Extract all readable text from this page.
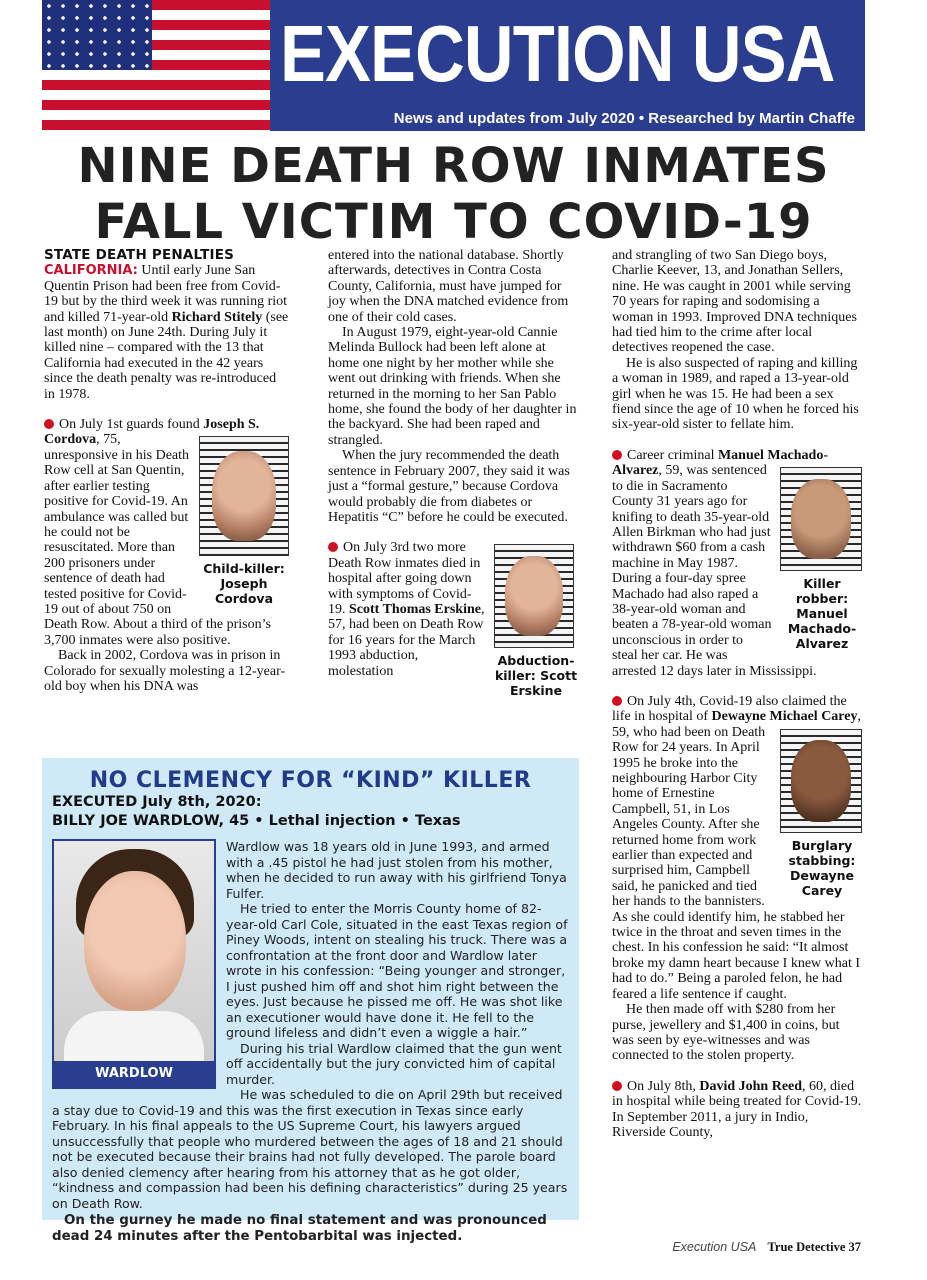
EXECUTION USA
News and updates from July 2020 • Researched by Martin Chaffe
NINE DEATH ROW INMATES
FALL VICTIM TO COVID-19
STATE DEATH PENALTIES

CALIFORNIA: Until early June San Quentin Prison had been free from Covid-19 but by the third week it was running riot and killed 71-year-old Richard Stitely (see last month) on June 24th. During July it killed nine – compared with the 13 that California had executed in the 42 years since the death penalty was re-introduced in 1978.

On July 1st guards found Joseph S. Cordova
Child-killer: Joseph Cordova
, 75, unresponsive in his Death Row cell at San Quentin, after earlier testing positive for Covid-19. An ambulance was called but he could not be resuscitated. More than 200 prisoners under sentence of death had tested positive for Covid-19 out of about 750 on Death Row. About a third of the prison’s 3,700 inmates were also positive.

Back in 2002, Cordova was in prison in Colorado for sexually molesting a 12-year-old boy when his DNA was

entered into the national database. Shortly afterwards, detectives in Contra Costa County, California, must have jumped for joy when the DNA matched evidence from one of their cold cases.

In August 1979, eight-year-old Cannie Melinda Bullock had been left alone at home one night by her mother while she went out drinking with friends. When she returned in the morning to her San Pablo home, she found the body of her daughter in the backyard. She had been raped and strangled.

When the jury recommended the death sentence in February 2007, they said it was just a “formal gesture,” because Cordova would probably die from diabetes or Hepatitis “C” before he could be executed.

Abduction-killer: Scott Erskine
On July 3rd two more Death Row inmates died in hospital after going down with symptoms of Covid-19. Scott Thomas Erskine, 57, had been on Death Row for 16 years for the March 1993 abduction, molestation

and strangling of two San Diego boys, Charlie Keever, 13, and Jonathan Sellers, nine. He was caught in 2001 while serving 70 years for raping and sodomising a woman in 1993. Improved DNA techniques had tied him to the crime after local detectives reopened the case.

He is also suspected of raping and killing a woman in 1989, and raped a 13-year-old girl when he was 15. He had been a sex fiend since the age of 10 when he forced his six-year-old sister to fellate him.

Career criminal Manuel Machado-Alvarez
Killer robber: Manuel Machado-Alvarez
, 59, was sentenced to die in Sacramento County 31 years ago for knifing to death 35-year-old Allen Birkman who had just withdrawn $60 from a cash machine in May 1987. During a four-day spree Machado had also raped a 38-year-old woman and beaten a 78-year-old woman unconscious in order to steal her car. He was arrested 12 days later in Mississippi.

On July 4th, Covid-19 also claimed the life in hospital of Dewayne Michael Carey
Burglary stabbing: Dewayne Carey
, 59, who had been on Death Row for 24 years. In April 1995 he broke into the neighbouring Harbor City home of Ernestine Campbell, 51, in Los Angeles County. After she returned home from work earlier than expected and surprised him, Campbell said, he panicked and tied her hands to the bannisters. As she could identify him, he stabbed her twice in the throat and seven times in the chest. In his confession he said: “It almost broke my damn heart because I knew what I had to do.” Being a paroled felon, he had feared a life sentence if caught.

He then made off with $280 from her purse, jewellery and $1,400 in coins, but was seen by eye-witnesses and was connected to the stolen property.

On July 8th, David John Reed, 60, died in hospital while being treated for Covid-19. In September 2011, a jury in Indio, Riverside County,

NO CLEMENCY FOR “KIND” KILLER
EXECUTED July 8th, 2020:
BILLY JOE WARDLOW, 45 • Lethal injection • Texas
WARDLOW

Wardlow was 18 years old in June 1993, and armed with a .45 pistol he had just stolen from his mother, when he decided to run away with his girlfriend Tonya Fulfer.

He tried to enter the Morris County home of 82-year-old Carl Cole, situated in the east Texas region of Piney Woods, intent on stealing his truck. There was a confrontation at the front door and Wardlow later wrote in his confession: “Being younger and stronger, I just pushed him off and shot him right between the eyes. Just because he pissed me off. He was shot like an executioner would have done it. He fell to the ground lifeless and didn’t even a wiggle a hair.”

During his trial Wardlow claimed that the gun went off accidentally but the jury convicted him of capital murder.

He was scheduled to die on April 29th but received a stay due to Covid-19 and this was the first execution in Texas since early February. In his final appeals to the US Supreme Court, his lawyers argued unsuccessfully that people who murdered between the ages of 18 and 21 should not be executed because their brains had not fully developed. The parole board also denied clemency after hearing from his attorney that as he got older, “kindness and compassion had been his defining characteristics” during 25 years on Death Row.

On the gurney he made no final statement and was pronounced dead 24 minutes after the Pentobarbital was injected.
Execution USA True Detective 37
